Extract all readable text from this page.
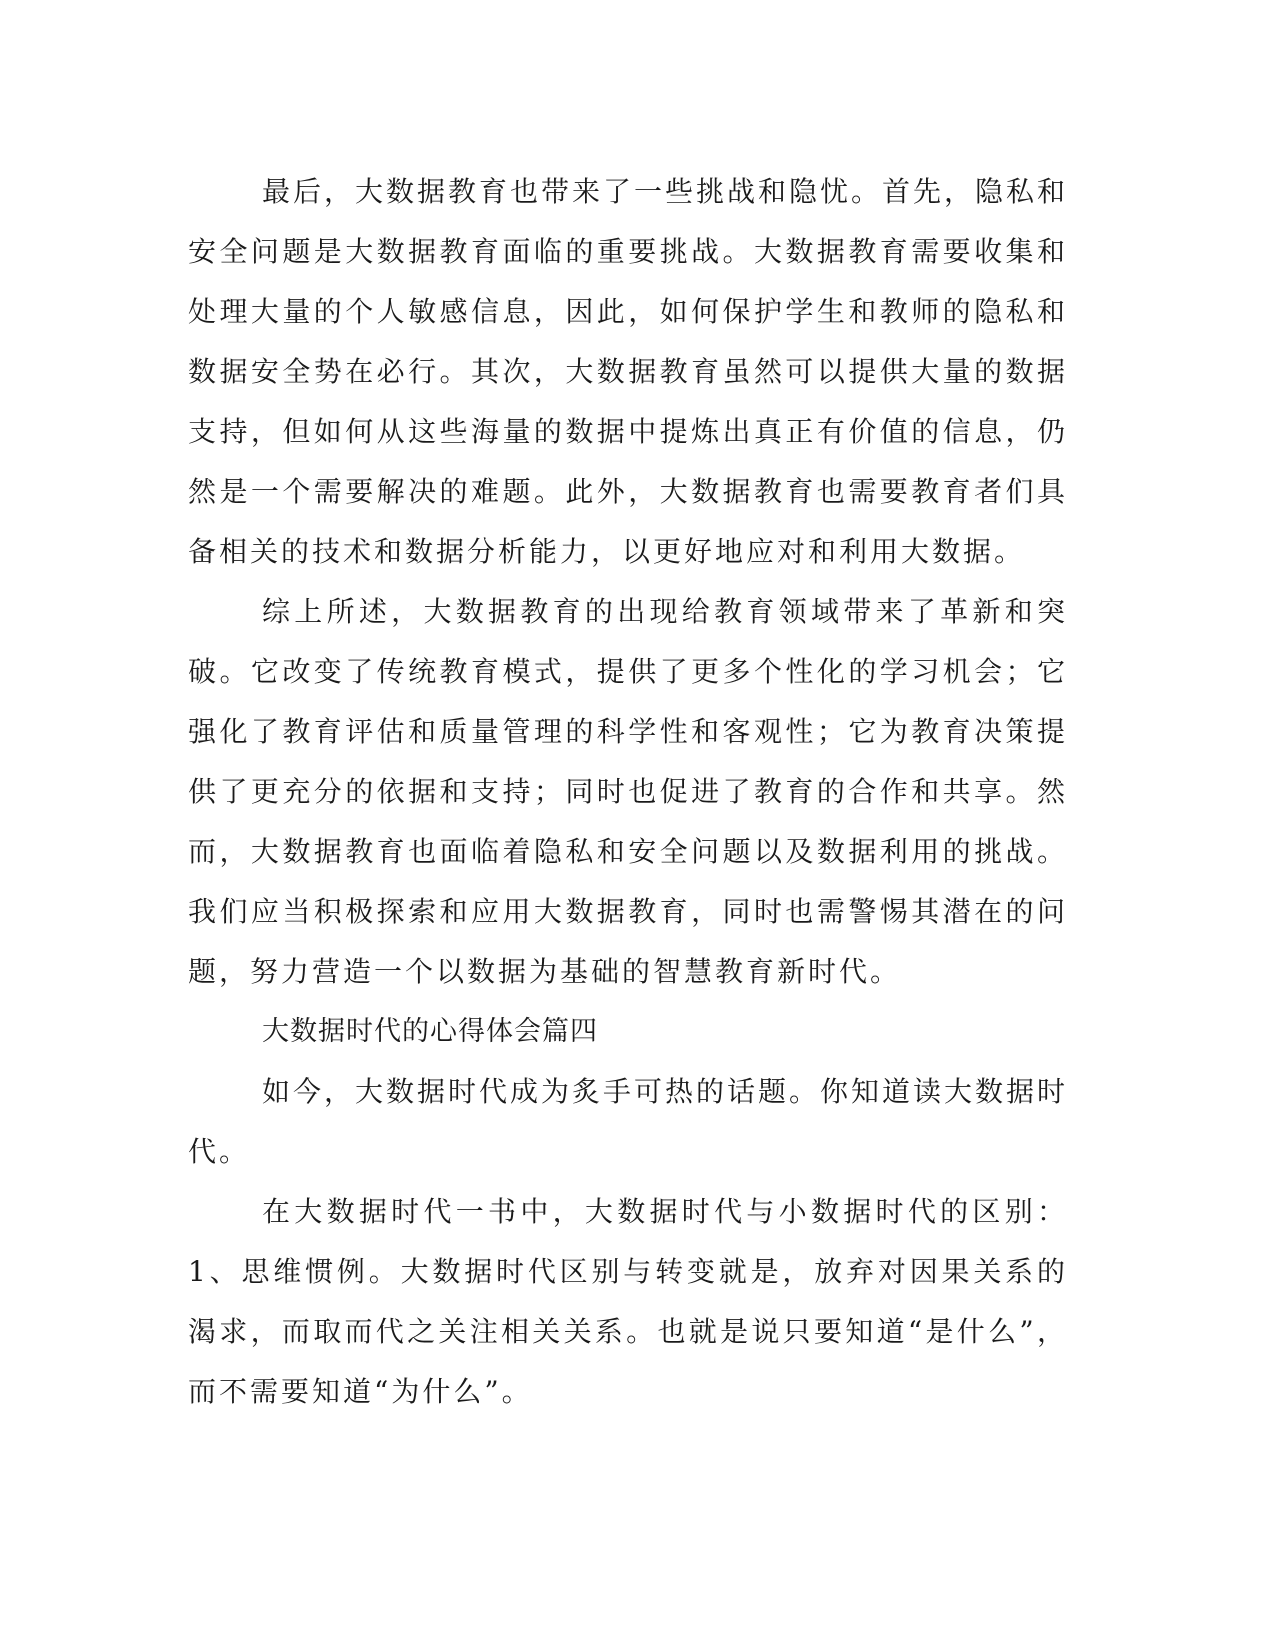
最后，大数据教育也带来了一些挑战和隐忧。首先，隐私和安全问题是大数据教育面临的重要挑战。大数据教育需要收集和处理大量的个人敏感信息，因此，如何保护学生和教师的隐私和数据安全势在必行。其次，大数据教育虽然可以提供大量的数据支持，但如何从这些海量的数据中提炼出真正有价值的信息，仍然是一个需要解决的难题。此外，大数据教育也需要教育者们具备相关的技术和数据分析能力，以更好地应对和利用大数据。

综上所述，大数据教育的出现给教育领域带来了革新和突破。它改变了传统教育模式，提供了更多个性化的学习机会；它强化了教育评估和质量管理的科学性和客观性；它为教育决策提供了更充分的依据和支持；同时也促进了教育的合作和共享。然而，大数据教育也面临着隐私和安全问题以及数据利用的挑战。我们应当积极探索和应用大数据教育，同时也需警惕其潜在的问题，努力营造一个以数据为基础的智慧教育新时代。

大数据时代的心得体会篇四

如今，大数据时代成为炙手可热的话题。你知道读大数据时代。

在大数据时代一书中，大数据时代与小数据时代的区别：1、思维惯例。大数据时代区别与转变就是，放弃对因果关系的渴求，而取而代之关注相关关系。也就是说只要知道“是什么”，而不需要知道“为什么”。
